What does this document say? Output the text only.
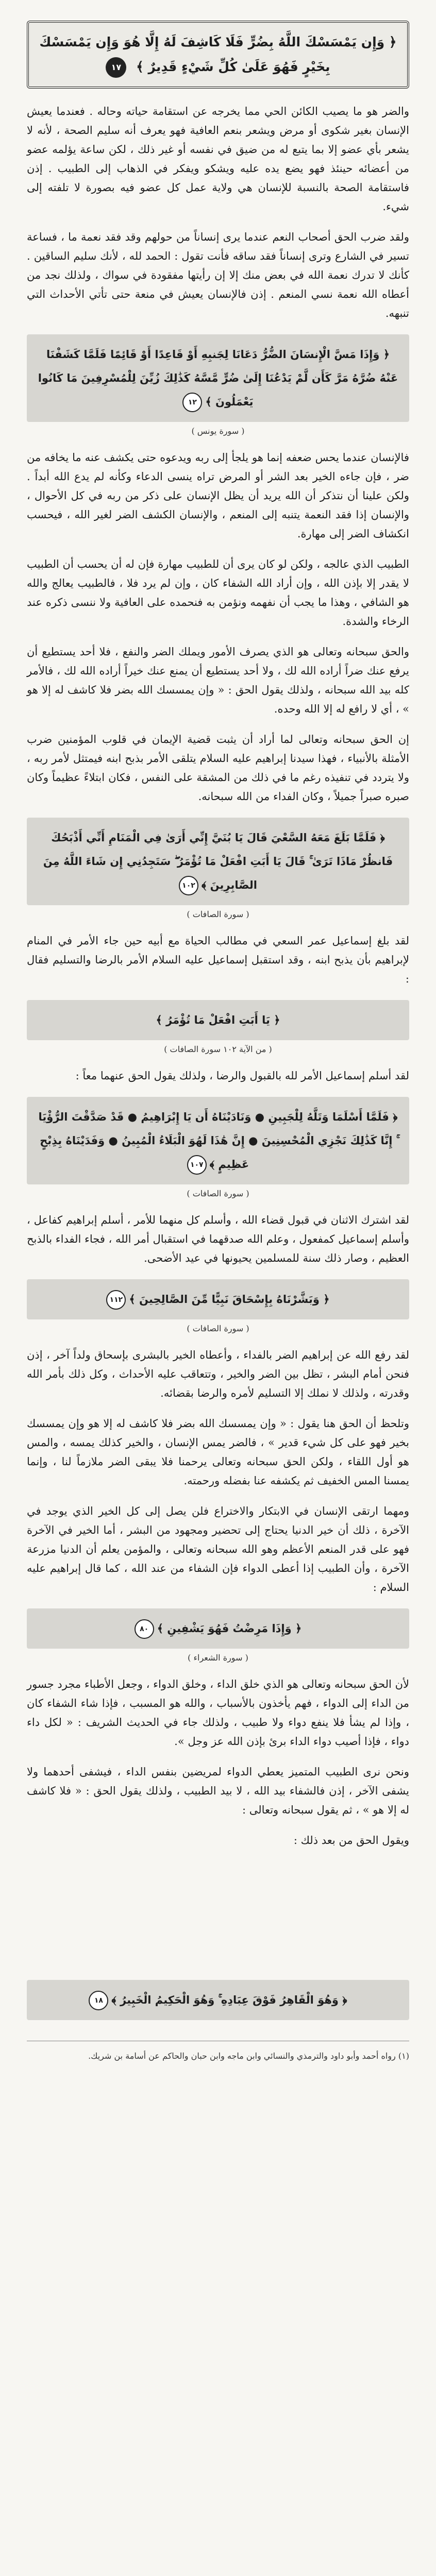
﴿ وَإِن يَمْسَسْكَ اللَّهُ بِضُرٍّ فَلَا كَاشِفَ لَهُ إِلَّا هُوَ وَإِن يَمْسَسْكَ بِخَيْرٍ فَهُوَ عَلَىٰ كُلِّ شَيْءٍ قَدِيرٌ ﴾ ١٧
والضر هو ما يصيب الكائن الحي مما يخرجه عن استقامة حياته وحاله . فعندما يعيش الإنسان بغير شكوى أو مرض ويشعر بنعم العافية فهو يعرف أنه سليم الصحة ، لأنه لا يشعر بأي عضو إلا بما يتبع له من ضيق في نفسه أو غير ذلك ، لكن ساعة يؤلمه عضو من أعضائه حينئذ فهو يضع يده عليه ويشكو ويفكر في الذهاب إلى الطبيب . إذن فاستقامة الصحة بالنسبة للإنسان هي ولاية عمل كل عضو فيه بصورة لا تلفته إلى شيء.
ولقد ضرب الحق أصحاب النعم عندما يرى إنساناً من حولهم وقد فقد نعمة ما ، فساعة تسير في الشارع وترى إنساناً فقد ساقه فأنت تقول : الحمد لله ، لأنك سليم الساقين . كأنك لا تدرك نعمة الله في بعض منك إلا إن رأيتها مفقودة في سواك ، ولذلك نجد من أعطاه الله نعمة نسي المنعم . إذن فالإنسان يعيش في منعة حتى تأتي الأحداث التي تنبهه.
﴿ وَإِذَا مَسَّ الْإِنسَانَ الضُّرُّ دَعَانَا لِجَنبِهِ أَوْ قَاعِدًا أَوْ قَائِمًا فَلَمَّا كَشَفْنَا عَنْهُ ضُرَّهُ مَرَّ كَأَن لَّمْ يَدْعُنَا إِلَىٰ ضُرٍّ مَّسَّهُ كَذَٰلِكَ زُيِّنَ لِلْمُسْرِفِينَ مَا كَانُوا يَعْمَلُونَ ﴾١٢
( سورة يونس )
فالإنسان عندما يحس ضعفه إنما هو يلجأ إلى ربه ويدعوه حتى يكشف عنه ما يخافه من ضر ، فإن جاءه الخير بعد الشر أو المرض تراه ينسى الدعاء وكأنه لم يدع الله أبداً . ولكن علينا أن نتذكر أن الله يريد أن يظل الإنسان على ذكر من ربه في كل الأحوال ، والإنسان إذا فقد النعمة يتنبه إلى المنعم ، والإنسان الكشف الضر لغير الله ، فيحسب انكشاف الضر إلى مهارة.
الطبيب الذي عالجه ، ولكن لو كان يرى أن للطبيب مهارة فإن له أن يحسب أن الطبيب لا يقدر إلا بإذن الله ، وإن أراد الله الشفاء كان ، وإن لم يرد فلا ، فالطبيب يعالج والله هو الشافي ، وهذا ما يجب أن نفهمه ونؤمن به فنحمده على العافية ولا ننسى ذكره عند الرخاء والشدة.
والحق سبحانه وتعالى هو الذي يصرف الأمور ويملك الضر والنفع ، فلا أحد يستطيع أن يرفع عنك ضراً أراده الله لك ، ولا أحد يستطيع أن يمنع عنك خيراً أراده الله لك ، فالأمر كله بيد الله سبحانه ، ولذلك يقول الحق : « وإن يمسسك الله بضر فلا كاشف له إلا هو » ، أي لا رافع له إلا الله وحده.
إن الحق سبحانه وتعالى لما أراد أن يثبت قضية الإيمان في قلوب المؤمنين ضرب الأمثلة بالأنبياء ، فهذا سيدنا إبراهيم عليه السلام يتلقى الأمر بذبح ابنه فيمتثل لأمر ربه ، ولا يتردد في تنفيذه رغم ما في ذلك من المشقة على النفس ، فكان ابتلاءً عظيماً وكان صبره صبراً جميلاً ، وكان الفداء من الله سبحانه.
﴿ فَلَمَّا بَلَغَ مَعَهُ السَّعْيَ قَالَ يَا بُنَيَّ إِنِّي أَرَىٰ فِي الْمَنَامِ أَنِّي أَذْبَحُكَ فَانظُرْ مَاذَا تَرَىٰ ۚ قَالَ يَا أَبَتِ افْعَلْ مَا تُؤْمَرُ ۖ سَتَجِدُنِي إِن شَاءَ اللَّهُ مِنَ الصَّابِرِينَ ﴾١٠٢
( سورة الصافات )
لقد بلغ إسماعيل عمر السعي في مطالب الحياة مع أبيه حين جاء الأمر في المنام لإبراهيم بأن يذبح ابنه ، وقد استقبل إسماعيل عليه السلام الأمر بالرضا والتسليم فقال :
﴿ يَا أَبَتِ افْعَلْ مَا تُؤْمَرُ ﴾
( من الآية ١٠٢ سورة الصافات )
لقد أسلم إسماعيل الأمر لله بالقبول والرضا ، ولذلك يقول الحق عنهما معاً :
﴿ فَلَمَّا أَسْلَمَا وَتَلَّهُ لِلْجَبِينِ ● وَنَادَيْنَاهُ أَن يَا إِبْرَاهِيمُ ● قَدْ صَدَّقْتَ الرُّؤْيَا ۚ إِنَّا كَذَٰلِكَ نَجْزِي الْمُحْسِنِينَ ● إِنَّ هَٰذَا لَهُوَ الْبَلَاءُ الْمُبِينُ ● وَفَدَيْنَاهُ بِذِبْحٍ عَظِيمٍ ﴾١٠٧
( سورة الصافات )
لقد اشترك الاثنان في قبول قضاء الله ، وأسلم كل منهما للأمر ، أسلم إبراهيم كفاعل ، وأسلم إسماعيل كمفعول ، وعلم الله صدقهما في استقبال أمر الله ، فجاء الفداء بالذبح العظيم ، وصار ذلك سنة للمسلمين يحيونها في عيد الأضحى.
﴿ وَبَشَّرْنَاهُ بِإِسْحَاقَ نَبِيًّا مِّنَ الصَّالِحِينَ ﴾١١٢
( سورة الصافات )
لقد رفع الله عن إبراهيم الضر بالفداء ، وأعطاه الخير بالبشرى بإسحاق ولداً آخر ، إذن فنحن أمام البشر ، تظل بين الضر والخير ، وتتعاقب عليه الأحداث ، وكل ذلك بأمر الله وقدرته ، ولذلك لا نملك إلا التسليم لأمره والرضا بقضائه.
وتلحظ أن الحق هنا يقول : « وإن يمسسك الله بضر فلا كاشف له إلا هو وإن يمسسك بخير فهو على كل شيء قدير » ، فالضر يمس الإنسان ، والخير كذلك يمسه ، والمس هو أول اللقاء ، ولكن الحق سبحانه وتعالى يرحمنا فلا يبقى الضر ملازماً لنا ، وإنما يمسنا المس الخفيف ثم يكشفه عنا بفضله ورحمته.
ومهما ارتقى الإنسان في الابتكار والاختراع فلن يصل إلى كل الخير الذي يوجد في الآخرة ، ذلك أن خير الدنيا يحتاج إلى تحضير ومجهود من البشر ، أما الخير في الآخرة فهو على قدر المنعم الأعظم وهو الله سبحانه وتعالى ، والمؤمن يعلم أن الدنيا مزرعة الآخرة ، وأن الطبيب إذا أعطى الدواء فإن الشفاء من عند الله ، كما قال إبراهيم عليه السلام :
﴿ وَإِذَا مَرِضْتُ فَهُوَ يَشْفِينِ ﴾٨٠
( سورة الشعراء )
لأن الحق سبحانه وتعالى هو الذي خلق الداء ، وخلق الدواء ، وجعل الأطباء مجرد جسور من الداء إلى الدواء ، فهم يأخذون بالأسباب ، والله هو المسبب ، فإذا شاء الشفاء كان ، وإذا لم يشأ فلا ينفع دواء ولا طبيب ، ولذلك جاء في الحديث الشريف : « لكل داء دواء ، فإذا أصيب دواء الداء برئ بإذن الله عز وجل ».
ونحن نرى الطبيب المتميز يعطي الدواء لمريضين بنفس الداء ، فيشفى أحدهما ولا يشفى الآخر ، إذن فالشفاء بيد الله ، لا بيد الطبيب ، ولذلك يقول الحق : « فلا كاشف له إلا هو » ، ثم يقول سبحانه وتعالى :
ويقول الحق من بعد ذلك :
﴿ وَهُوَ الْقَاهِرُ فَوْقَ عِبَادِهِ ۚ وَهُوَ الْحَكِيمُ الْخَبِيرُ ﴾١٨
(١) رواه أحمد وأبو داود والترمذي والنسائي وابن ماجه وابن حبان والحاكم عن أسامة بن شريك.
